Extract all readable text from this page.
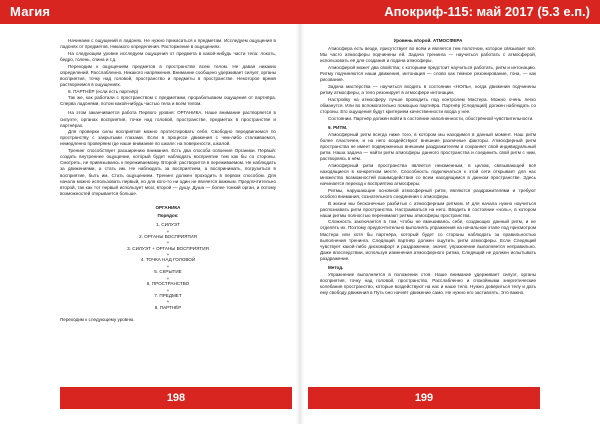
Магия	Апокриф-115: май 2017 (5.3 е.п.)

Начинаем с ощущений в ладонях. Не нужно прикасаться к предметам. Исследуем ощущения в ладонях от предметов. Никакого определения. Расторжение в ощущениях.

На следующем уровне исследуем ощущения от предмета в какой-нибудь части тела: локоть, бедро, голень, спина и т.д.

Переходим к ощущениям предметов в пространстве всем телом. Не давая никаких определений. Расслабленно. Никакого напряжения. Внимание сообщено удерживает силует, органы восприятия, точку над головой, пространство и предметы в пространстве. Некоторое время растворяемся в ощущениях.

8. ПАРТНЁР (если есть партнёр)

Так же, как работали с пространством с предметами, прорабатываем ощущения от партнёра. Сперва ладонями, потом какой-нибудь частью тела и всем телом.

На этом заканчивается работа Первого уровня: ОРГАНИКА. Наше внимание растворяется в силуэте, органах восприятия, точке над головой, пространстве, предметах в пространстве и партнёрах.

Для проверки силы восприятия можно протестировать себя. Свободно передвигаемся по пространству с закрытыми глазами. Если в процессе движения с чем-либо сталкиваемся, немедленно проверяем где наше внимание по шкале: на поверхности, шкалой.

Тренинг способствует расширению внимания. Есть два способа освоения Органики. Первый: создать внутреннее ощущение, который будет наблюдать восприятие тем как бы со стороны. Смотреть, не привязываясь к переживаемому. Второй: растворится в переживаемом. Не наблюдать за движениями, а стать им. Не наблюдать за восприятием, а воспринимать, погрузиться в восприятие, быть им. Стать ощущением. Тренинг должен проходить в первом способом. Для начала можно использовать первый, но для кого-то ни один не является важным. Предпочтительно второй, так как тот первый использует мозг, второй — душу. Душа — более тонкий орган, и потому возможностей открывается больше.

ОРГАНИКА
Порядок:
1. СИЛУЭТ
+
2. ОРГАНЫ ВОСПРИЯТИЯ
+
3. СИЛУЭТ + ОРГАНЫ ВОСПРИЯТИЯ
+
4. ТОЧКА НАД ГОЛОВОЙ
+
5. СКРЫТИЕ
+
6. ПРОСТРАНСТВО
+
7. ПРЕДМЕТ
+
8. ПАРТНЁР

Переходим к следующему уровню.

Уровень второй. АТМОСФЕРА

Атмосфера есть везде, присутствует во всём и является тем полотном, которое связывает всё. Мы часто атмосферы подчинены ей. Задача тренинга — научиться работать с атмосферой, использовать её для создания и подача атмосферы.

Атмосферой может два свойства; с которыми предстоит научиться работать, ритм и интонацию. Ритму подчиняются наши движения, интонация — слово как темное резонирование, тона, — как рисование.

Задача мастерства — научиться входить в состоянии «НОЛЬ», когда движения подчинены ритму атмосферы, а тело резонирует в атмосфере интонации.

Настройку на атмосферу лучше проводить под контролем Мастера. Можно очень легко обманутся. Или во вспомогательно помощью партнёра. Партнёр (Следящий) должен наблюдать со стороны. Его ощущения будут критерием качественности входа у нее.

Состоянии. Партнёр должен войти в состояние наполненности, обострённой чувствительности.

9. РИТМ.

Атмосферный ритм всегда ниже того, в котором мы находимся в данный момент. Наш ритм более пластичен, и на него воздействуют внешние различные факторы. Атмосферный ритм пространства не имеет подверженных внешним раздражителям и сохраняет свой индивидуальный ритм. Наша задача — найти ритм атмосферы данного пространства и соединить свой ритм с ним, растворяясь в нём.

Атмосферный ритм пространства является неизменным, в целом, связывающей всё находящиеся в конкретном месте. Способность подключаться к этой сети открывает для нас множество возможностей взаимодействия со всем находящимся в данном пространстве. Здесь начинается переход к восприятию атмосферы.

Ритмы, нарушающие основной атмосферный ритм, являются раздражителями и требуют особого внимания, сознательного соединения с атмосферы.

В жизни мы бесконечные разбитых с атмосферным ритмом. И для начала нужно научиться распознавать ритм пространства. Настраиваться на него. Вводить в состояние «ноль», в котором наши ритмы полностью перенимают ритмы атмосферы пространства.

Сложность заключается в том, чтобы не вмешиваясь себе, создающих данный ритм, и не отделять их. Поэтому предпочтительно выполнять упражнения на начальном этапе под присмотром Мастера или хотя бы партнёра, который будет со стороны наблюдать за правильностью выполнения тренинга. Следящий партнёр должен ощутить ритм атмосферы. Если Следящий чувствует какой-либо дискомфорт и раздражение, значит, упражнение выполняется неправильно. Даже впоследствии, используя изменения атмосферного ритма, Следящий не должен испытывать раздражение.

Метод.

Упражнение выполняется в положении стоя. Наше внимание удерживает силуэт, органы восприятия, точку над головой, пространство. Расслабленно и спокойными энергетические колебания пространство, которые воздействуют на нас и наше тело. Нужно довериться телу и дать ему свободу движения в Путь оно начнёт движение само. Не нужно его заставлять. Это важно.

198	199
